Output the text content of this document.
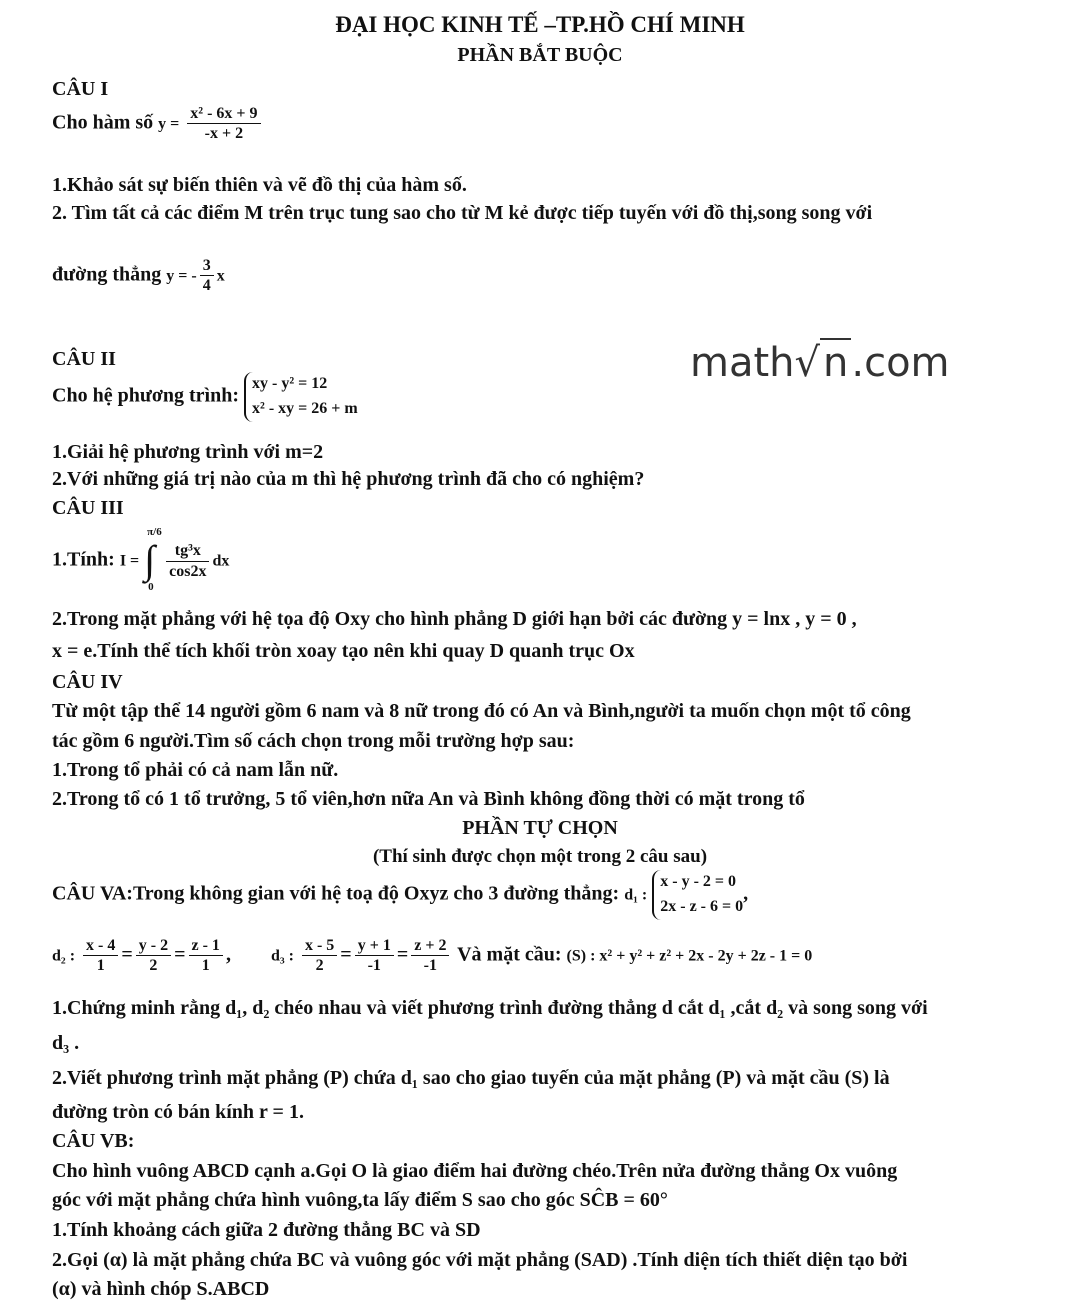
ĐẠI HỌC KINH TẾ –TP.HỒ CHÍ MINH
PHẦN BẮT BUỘC
math√n.com
CÂU I
Cho hàm số $y = \frac{\text{x² - 6x + 9}}{-x + 2}$
1.Khảo sát sự biến thiên và vẽ đồ thị của hàm số.
2. Tìm tất cả các điểm M trên trục tung sao cho từ M kẻ được tiếp tuyến với đồ thị,song song với
đường thẳng y = - $\frac{3}{4}$ x
CÂU II
Cho hệ phương trình:
xy - y² = 12
x² - xy = 26 + m
1.Giải hệ phương trình với m=2
2.Với những giá trị nào của m thì hệ phương trình đã cho có nghiệm?
CÂU III
1.Tính: I = ∫
π/6
0

$\frac{\text{tg³x}}{\cos 2x}$ dx
2.Trong mặt phẳng với hệ tọa độ Oxy cho hình phẳng D giới hạn bởi các đường y = lnx , y = 0 ,
x = e.Tính thể tích khối tròn xoay tạo nên khi quay D quanh trục Ox
CÂU IV
Từ một tập thể 14 người gồm 6 nam và 8 nữ trong đó có An và Bình,người ta muốn chọn một tổ công
tác gồm 6 người.Tìm số cách chọn trong mỗi trường hợp sau:
1.Trong tổ phải có cả nam lẫn nữ.
2.Trong tổ có 1 tổ trưởng, 5 tổ viên,hơn nữa An và Bình không đồng thời có mặt trong tổ
PHẦN TỰ CHỌN
(Thí sinh được chọn một trong 2 câu sau)
CÂU VA:Trong không gian với hệ toạ độ Oxyz cho 3 đường thẳng: d₁ :
x - y - 2 = 0
2x - z - 6 = 0
,
d₂ : $\frac{x - 4}{1} = \frac{y - 2}{2} = \frac{z - 1}{1}$ ,	d₃ : $\frac{x - 5}{2} = \frac{y + 1}{-1} = \frac{z + 2}{-1}$ Và mặt cầu: (S) : x² + y² + z² + 2x - 2y + 2z - 1 = 0
1.Chứng minh rằng d₁, d₂ chéo nhau và viết phương trình đường thẳng d cắt d₁ ,cắt d₂ và song song với
d₃ .
2.Viết phương trình mặt phẳng (P) chứa d₁ sao cho giao tuyến của mặt phẳng (P) và mặt cầu (S) là
đường tròn có bán kính r = 1.
CÂU VB:
Cho hình vuông ABCD cạnh a.Gọi O là giao điểm hai đường chéo.Trên nửa đường thẳng Ox vuông
góc với mặt phẳng chứa hình vuông,ta lấy điểm S sao cho góc SĈB = 60°
1.Tính khoảng cách giữa 2 đường thẳng BC và SD
2.Gọi (α) là mặt phẳng chứa BC và vuông góc với mặt phẳng (SAD) .Tính diện tích thiết diện tạo bởi
(α) và hình chóp S.ABCD
